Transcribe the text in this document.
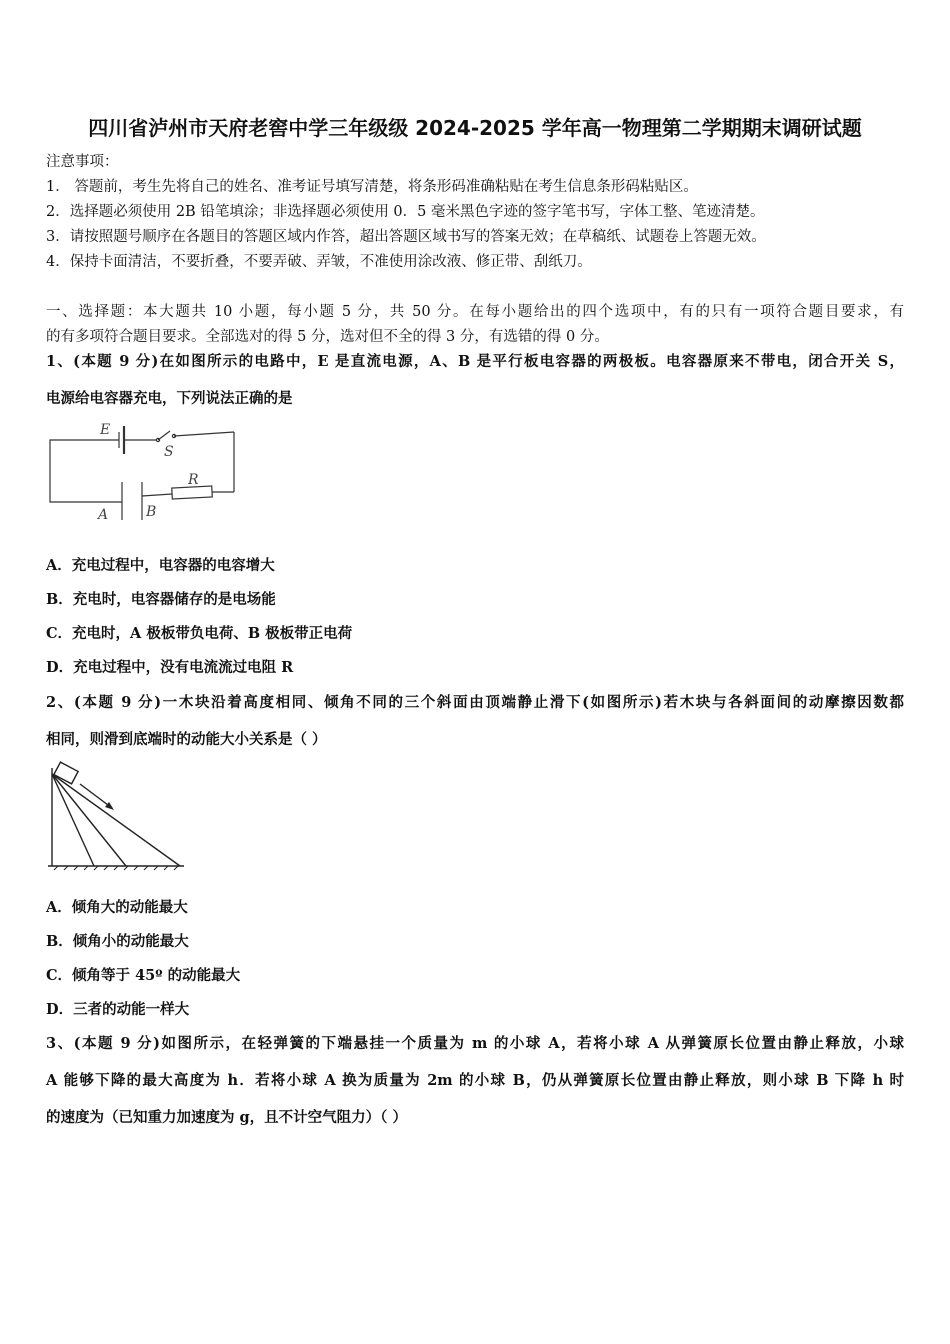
四川省泸州市天府老窖中学三年级级 2024-2025 学年高一物理第二学期期末调研试题
注意事项：
1． 答题前，考生先将自己的姓名、准考证号填写清楚，将条形码准确粘贴在考生信息条形码粘贴区。
2．选择题必须使用 2B 铅笔填涂；非选择题必须使用 0．5 毫米黑色字迹的签字笔书写，字体工整、笔迹清楚。
3．请按照题号顺序在各题目的答题区域内作答，超出答题区域书写的答案无效；在草稿纸、试题卷上答题无效。
4．保持卡面清洁，不要折叠，不要弄破、弄皱，不准使用涂改液、修正带、刮纸刀。
一、选择题：本大题共 10 小题，每小题 5 分，共 50 分。在每小题给出的四个选项中，有的只有一项符合题目要求，有
的有多项符合题目要求。全部选对的得 5 分，选对但不全的得 3 分，有选错的得 0 分。
1、(本题 9 分)在如图所示的电路中，E 是直流电源，A、B 是平行板电容器的两极板。电容器原来不带电，闭合开关 S，
电源给电容器充电，下列说法正确的是
E
S
R
A	B
A．充电过程中，电容器的电容增大
B．充电时，电容器储存的是电场能
C．充电时，A 极板带负电荷、B 极板带正电荷
D．充电过程中，没有电流流过电阻 R
2、(本题 9 分)一木块沿着高度相同、倾角不同的三个斜面由顶端静止滑下(如图所示)若木块与各斜面间的动摩擦因数都
相同，则滑到底端时的动能大小关系是（ ）
A．倾角大的动能最大
B．倾角小的动能最大
C．倾角等于 45º 的动能最大
D．三者的动能一样大
3、(本题 9 分)如图所示，在轻弹簧的下端悬挂一个质量为 m 的小球 A，若将小球 A 从弹簧原长位置由静止释放，小球
A 能够下降的最大高度为 h．若将小球 A 换为质量为 2m 的小球 B，仍从弹簧原长位置由静止释放，则小球 B 下降 h 时
的速度为（已知重力加速度为 g，且不计空气阻力）（ ）
